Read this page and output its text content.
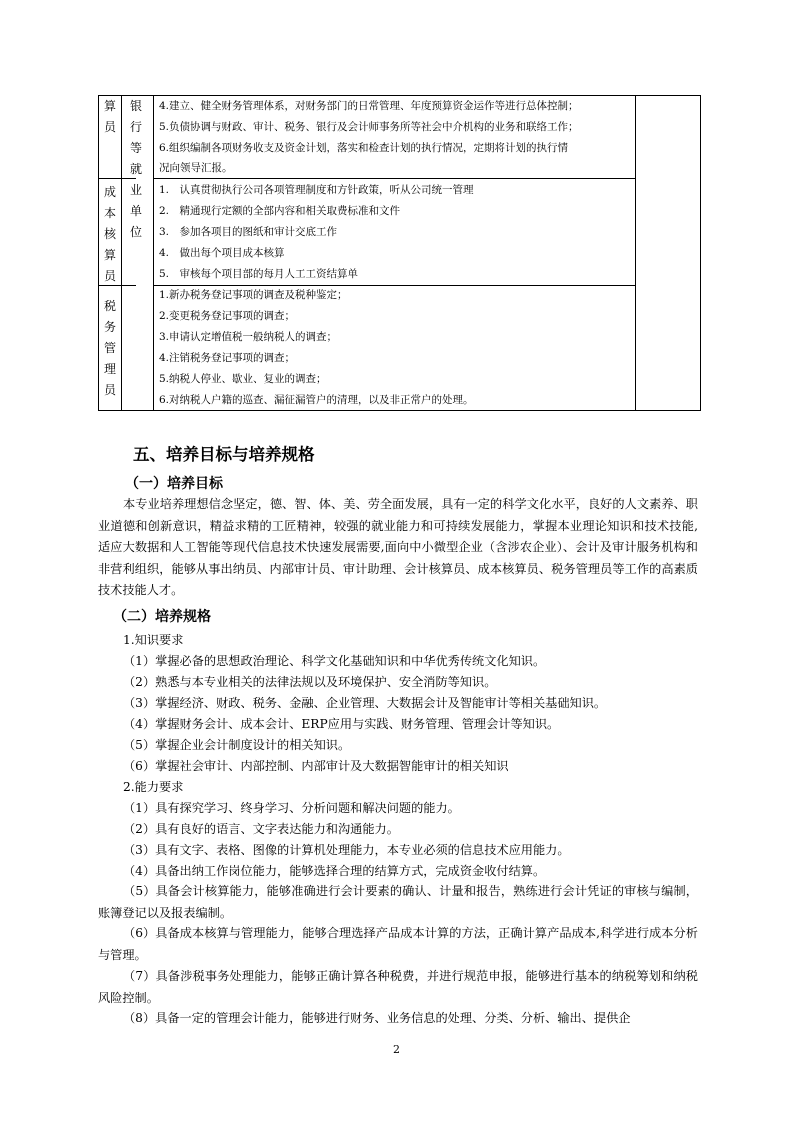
算
员
成
本
核
算
员
税
务
管
理
员
银
行
等
就
业
单
位
4.建立、健全财务管理体系，对财务部门的日常管理、年度预算资金运作等进行总体控制；
5.负债协调与财政、审计、税务、银行及会计师事务所等社会中介机构的业务和联络工作；
6.组织编制各项财务收支及资金计划，落实和检查计划的执行情况，定期将计划的执行情
况向领导汇报。
1.　认真贯彻执行公司各项管理制度和方针政策，听从公司统一管理
2.　精通现行定额的全部内容和相关取费标准和文件
3.　参加各项目的图纸和审计交底工作
4.　做出每个项目成本核算
5.　审核每个项目部的每月人工工资结算单
1.新办税务登记事项的调查及税种鉴定；
2.变更税务登记事项的调查；
3.申请认定增值税一般纳税人的调查；
4.注销税务登记事项的调查；
5.纳税人停业、歇业、复业的调查；
6.对纳税人户籍的巡查、漏征漏管户的清理，以及非正常户的处理。
五、培养目标与培养规格
（一）培养目标
本专业培养理想信念坚定，德、智、体、美、劳全面发展，具有一定的科学文化水平，良好的人文素养、职业道德和创新意识，精益求精的工匠精神，较强的就业能力和可持续发展能力，掌握本业理论知识和技术技能,适应大数据和人工智能等现代信息技术快速发展需要,面向中小微型企业（含涉农企业）、会计及审计服务机构和非营利组织，能够从事出纳员、内部审计员、审计助理、会计核算员、成本核算员、税务管理员等工作的高素质技术技能人才。
（二）培养规格
1.知识要求
（1）掌握必备的思想政治理论、科学文化基础知识和中华优秀传统文化知识。
（2）熟悉与本专业相关的法律法规以及环境保护、安全消防等知识。
（3）掌握经济、财政、税务、金融、企业管理、大数据会计及智能审计等相关基础知识。
（4）掌握财务会计、成本会计、ERP应用与实践、财务管理、管理会计等知识。
（5）掌握企业会计制度设计的相关知识。
（6）掌握社会审计、内部控制、内部审计及大数据智能审计的相关知识
2.能力要求
（1）具有探究学习、终身学习、分析问题和解决问题的能力。
（2）具有良好的语言、文字表达能力和沟通能力。
（3）具有文字、表格、图像的计算机处理能力，本专业必须的信息技术应用能力。
（4）具备出纳工作岗位能力，能够选择合理的结算方式，完成资金收付结算。
（5）具备会计核算能力，能够准确进行会计要素的确认、计量和报告，熟练进行会计凭证的审核与编制，账簿登记以及报表编制。
（6）具备成本核算与管理能力，能够合理选择产品成本计算的方法，正确计算产品成本,科学进行成本分析与管理。
（7）具备涉税事务处理能力，能够正确计算各种税费，并进行规范申报，能够进行基本的纳税筹划和纳税风险控制。
（8）具备一定的管理会计能力，能够进行财务、业务信息的处理、分类、分析、输出、提供企
2
